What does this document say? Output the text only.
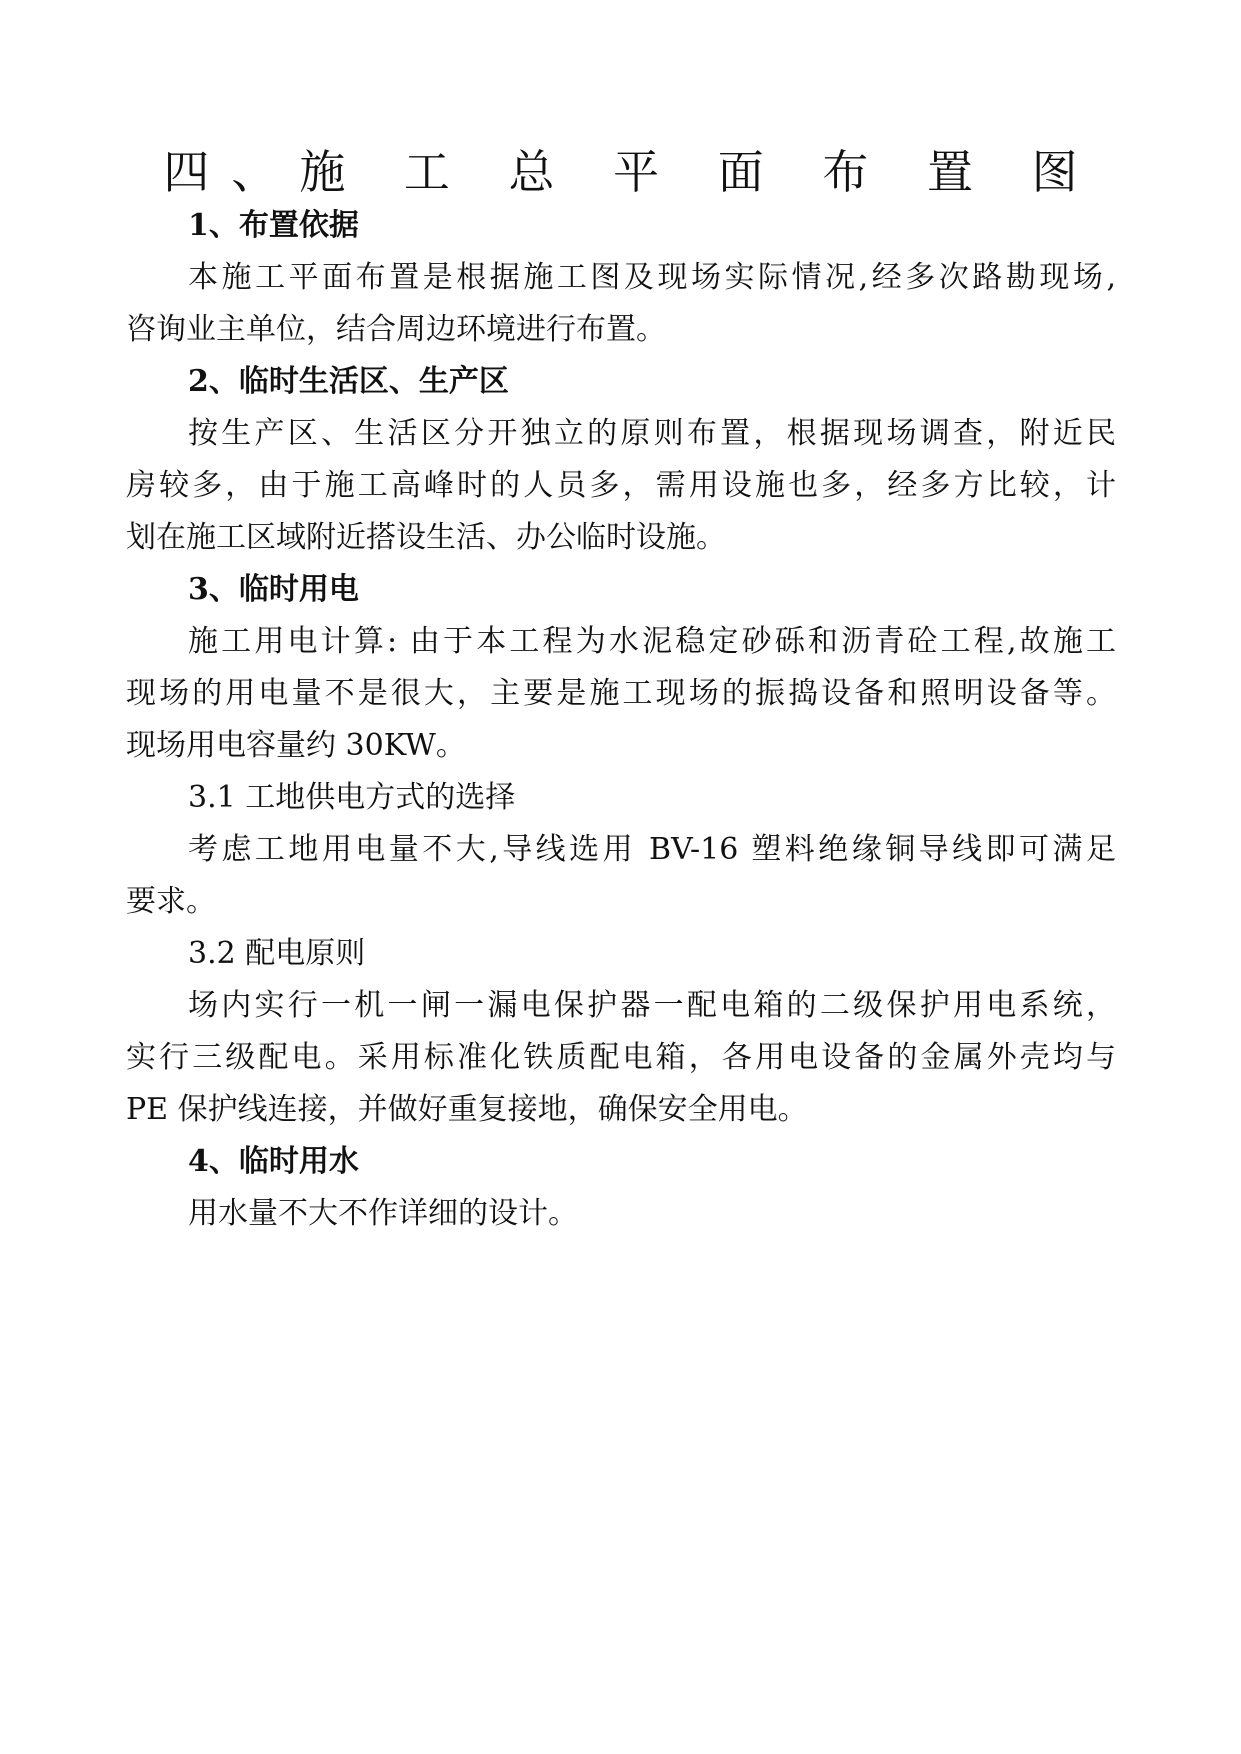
四、施 工 总 平 面 布 置 图
1、布置依据
本施工平面布置是根据施工图及现场实际情况,经多次路勘现场,
咨询业主单位，结合周边环境进行布置。
2、临时生活区、生产区
按生产区、生活区分开独立的原则布置，根据现场调查，附近民
房较多，由于施工高峰时的人员多，需用设施也多，经多方比较，计
划在施工区域附近搭设生活、办公临时设施。
3、临时用电
施工用电计算: 由于本工程为水泥稳定砂砾和沥青砼工程,故施工
现场的用电量不是很大，主要是施工现场的振捣设备和照明设备等。
现场用电容量约 30KW。
3.1 工地供电方式的选择
考虑工地用电量不大,导线选用 BV-16 塑料绝缘铜导线即可满足
要求。
3.2 配电原则
场内实行一机一闸一漏电保护器一配电箱的二级保护用电系统，
实行三级配电。采用标准化铁质配电箱，各用电设备的金属外壳均与
PE 保护线连接，并做好重复接地，确保安全用电。
4、临时用水
用水量不大不作详细的设计。
